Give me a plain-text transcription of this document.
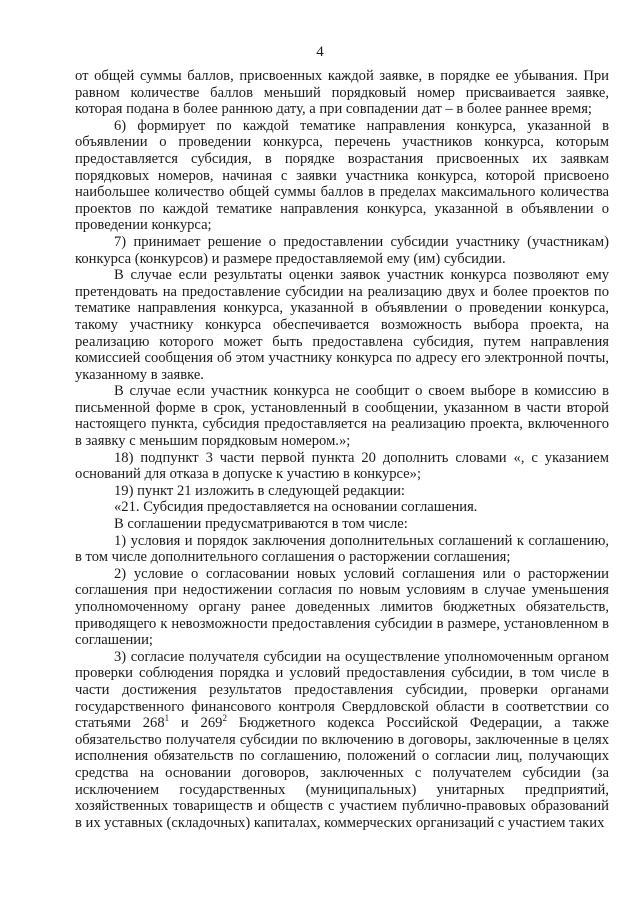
4

от общей суммы баллов, присвоенных каждой заявке, в порядке ее убывания. При равном количестве баллов меньший порядковый номер присваивается заявке, которая подана в более раннюю дату, а при совпадении дат – в более раннее время;

6) формирует по каждой тематике направления конкурса, указанной в объявлении о проведении конкурса, перечень участников конкурса, которым предоставляется субсидия, в порядке возрастания присвоенных их заявкам порядковых номеров, начиная с заявки участника конкурса, которой присвоено наибольшее количество общей суммы баллов в пределах максимального количества проектов по каждой тематике направления конкурса, указанной в объявлении о проведении конкурса;

7) принимает решение о предоставлении субсидии участнику (участникам) конкурса (конкурсов) и размере предоставляемой ему (им) субсидии.

В случае если результаты оценки заявок участник конкурса позволяют ему претендовать на предоставление субсидии на реализацию двух и более проектов по тематике направления конкурса, указанной в объявлении о проведении конкурса, такому участнику конкурса обеспечивается возможность выбора проекта, на реализацию которого может быть предоставлена субсидия, путем направления комиссией сообщения об этом участнику конкурса по адресу его электронной почты, указанному в заявке.

В случае если участник конкурса не сообщит о своем выборе в комиссию в письменной форме в срок, установленный в сообщении, указанном в части второй настоящего пункта, субсидия предоставляется на реализацию проекта, включенного в заявку с меньшим порядковым номером.»;

18) подпункт 3 части первой пункта 20 дополнить словами «, с указанием оснований для отказа в допуске к участию в конкурсе»;

19) пункт 21 изложить в следующей редакции:

«21. Субсидия предоставляется на основании соглашения.

В соглашении предусматриваются в том числе:

1) условия и порядок заключения дополнительных соглашений к соглашению, в том числе дополнительного соглашения о расторжении соглашения;

2) условие о согласовании новых условий соглашения или о расторжении соглашения при недостижении согласия по новым условиям в случае уменьшения уполномоченному органу ранее доведенных лимитов бюджетных обязательств, приводящего к невозможности предоставления субсидии в размере, установленном в соглашении;

3) согласие получателя субсидии на осуществление уполномоченным органом проверки соблюдения порядка и условий предоставления субсидии, в том числе в части достижения результатов предоставления субсидии, проверки органами государственного финансового контроля Свердловской области в соответствии со статьями $268^1$ и $269^2$ Бюджетного кодекса Российской Федерации, а также обязательство получателя субсидии по включению в договоры, заключенные в целях исполнения обязательств по соглашению, положений о согласии лиц, получающих средства на основании договоров, заключенных с получателем субсидии (за исключением государственных (муниципальных) унитарных предприятий, хозяйственных товариществ и обществ с участием публично-правовых образований в их уставных (складочных) капиталах, коммерческих организаций с участием таких
